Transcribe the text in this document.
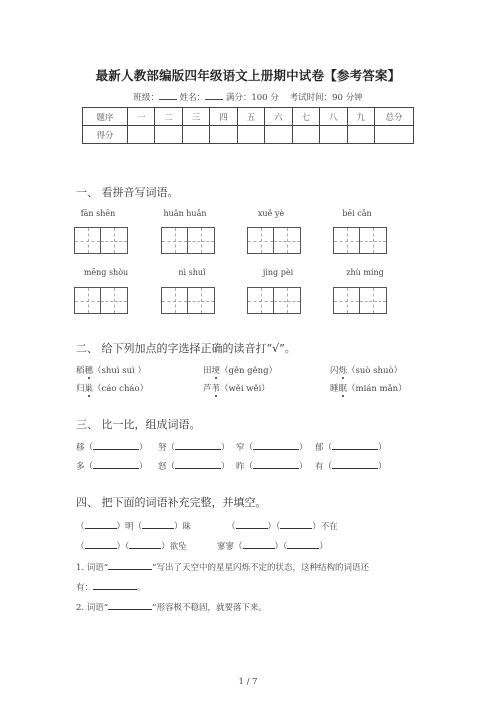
最新人教部编版四年级语文上册期中试卷【参考答案】
班级： 姓名： 满分：100 分 考试时间：90 分钟
题序	一	二	三	四	五	六	七	八	九	总分
得分										
一、 看拼音写词语。
fān shēn	huǎn huǎn	xuě yè	bēi cǎn
mēng shòu	nì shuǐ	jìng pèi	zhù míng
二、 给下列加点的字选择正确的读音打“√”。
稻穗（shuì suì ）	田埂（gěn gěng）	闪烁（suò shuò）
归巢（cáo cháo）	芦苇（wěi wěi）	睡眠（mián mǎn）
三、 比一比，组成词语。
移（	） 努（	） 窄（	） 郁（	）
多（	） 怒（	） 昨（	） 有（	）
四、 把下面的词语补充完整，并填空。
（	）明（	）昧	（	）（	）不在
（	）（	）欲坠	寥寥（	）（	）
1. 词语“	”写出了天空中的星星闪烁不定的状态，这种结构的词语还
有：	。
2. 词语“	”形容极不稳固，就要落下来。
1 / 7
